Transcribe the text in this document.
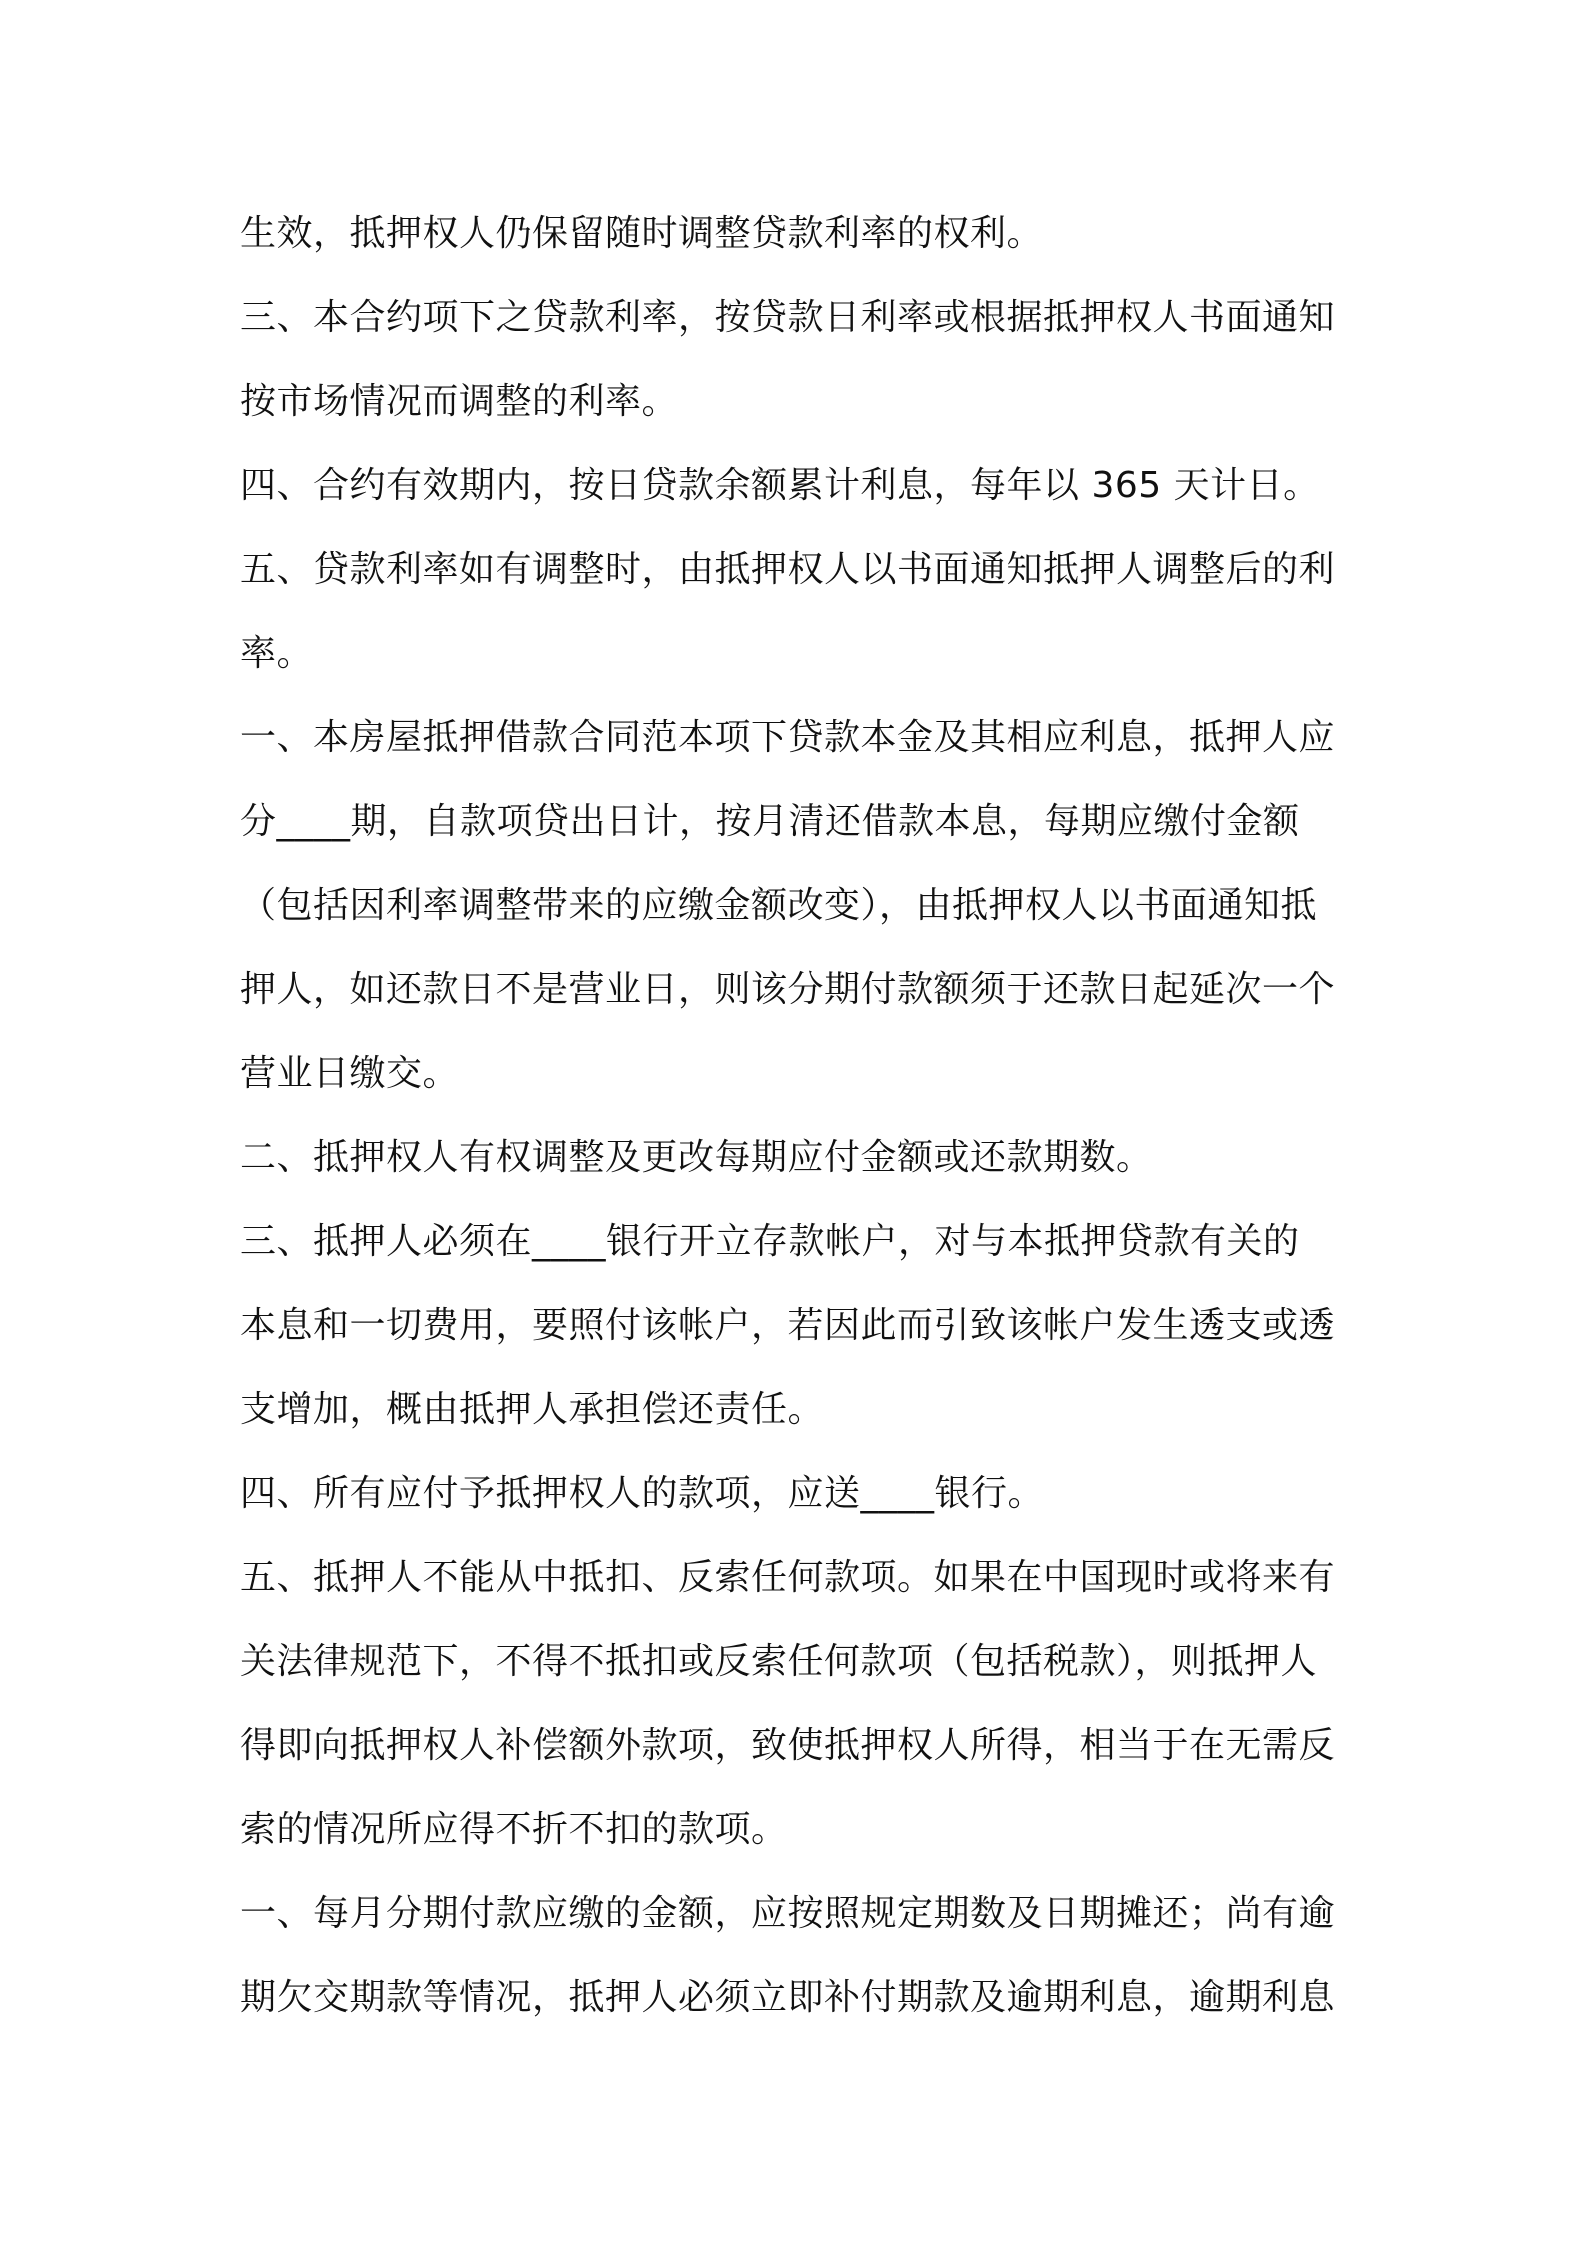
生效，抵押权人仍保留随时调整贷款利率的权利。
三、本合约项下之贷款利率，按贷款日利率或根据抵押权人书面通知
按市场情况而调整的利率。
四、合约有效期内，按日贷款余额累计利息，每年以 365 天计日。
五、贷款利率如有调整时，由抵押权人以书面通知抵押人调整后的利
率。
一、本房屋抵押借款合同范本项下贷款本金及其相应利息，抵押人应
分____期，自款项贷出日计，按月清还借款本息，每期应缴付金额
（包括因利率调整带来的应缴金额改变），由抵押权人以书面通知抵
押人，如还款日不是营业日，则该分期付款额须于还款日起延次一个
营业日缴交。
二、抵押权人有权调整及更改每期应付金额或还款期数。
三、抵押人必须在____银行开立存款帐户，对与本抵押贷款有关的
本息和一切费用，要照付该帐户，若因此而引致该帐户发生透支或透
支增加，概由抵押人承担偿还责任。
四、所有应付予抵押权人的款项，应送____银行。
五、抵押人不能从中抵扣、反索任何款项。如果在中国现时或将来有
关法律规范下，不得不抵扣或反索任何款项（包括税款），则抵押人
得即向抵押权人补偿额外款项，致使抵押权人所得，相当于在无需反
索的情况所应得不折不扣的款项。
一、每月分期付款应缴的金额，应按照规定期数及日期摊还；尚有逾
期欠交期款等情况，抵押人必须立即补付期款及逾期利息，逾期利息
